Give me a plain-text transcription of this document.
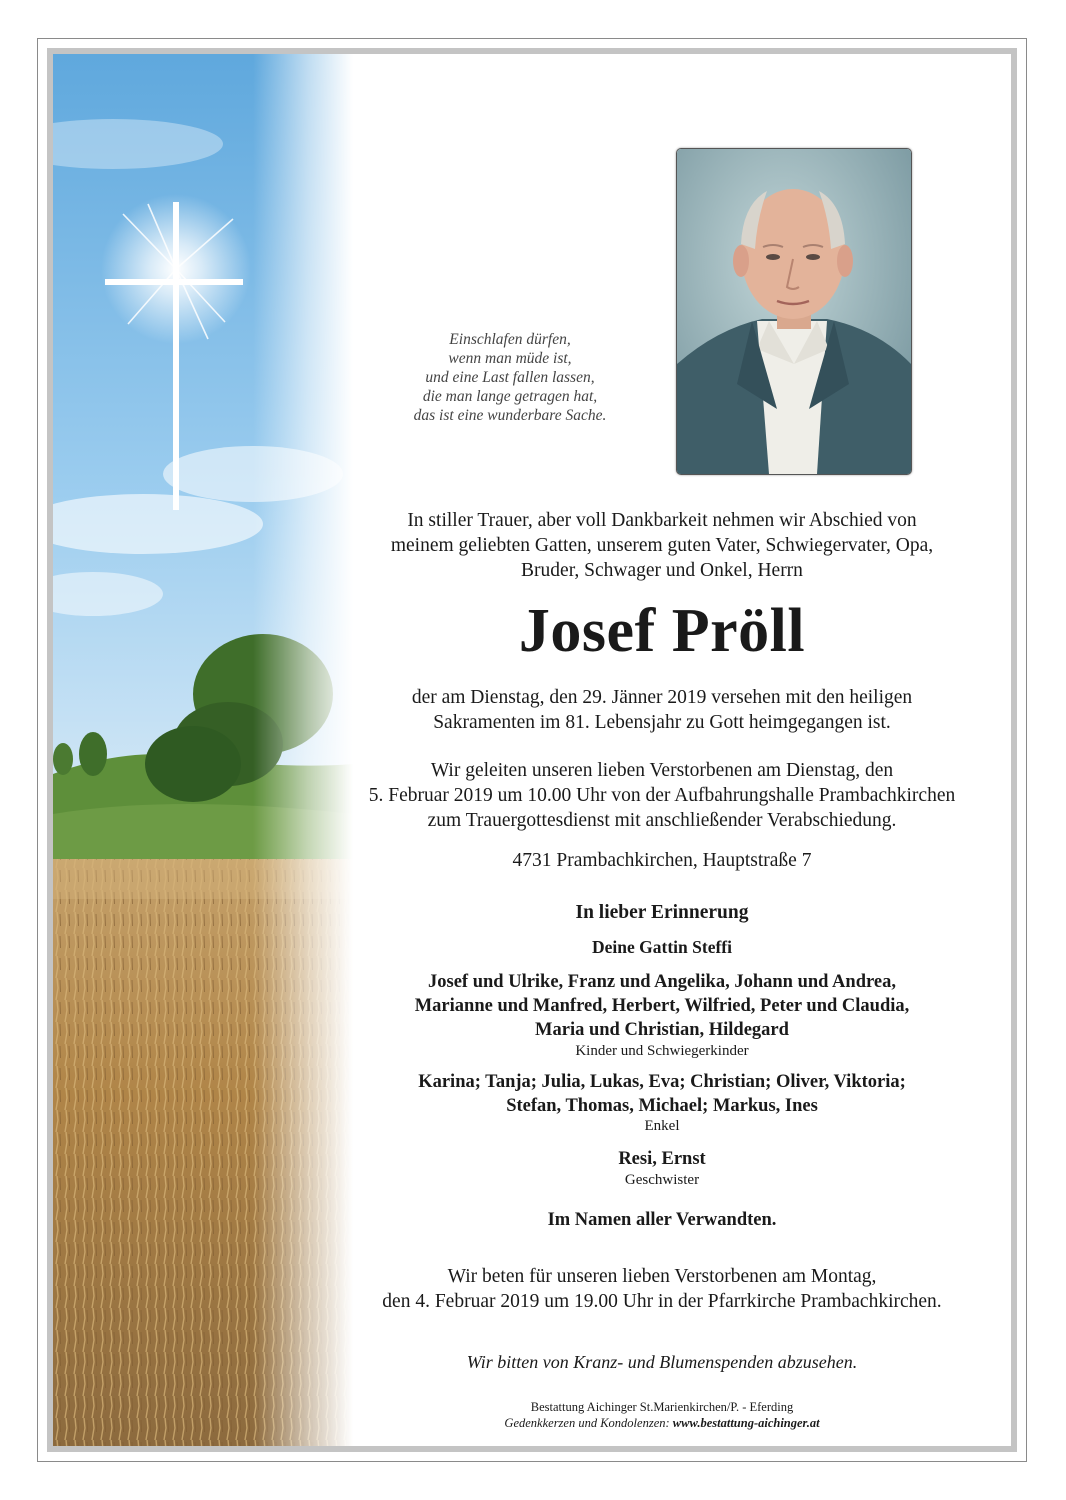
Einschlafen dürfen,
wenn man müde ist,
und eine Last fallen lassen,
die man lange getragen hat,
das ist eine wunderbare Sache.
In stiller Trauer, aber voll Dankbarkeit nehmen wir Abschied von
meinem geliebten Gatten, unserem guten Vater, Schwiegervater, Opa,
Bruder, Schwager und Onkel, Herrn
Josef Pröll
der am Dienstag, den 29. Jänner 2019 versehen mit den heiligen
Sakramenten im 81. Lebensjahr zu Gott heimgegangen ist.
Wir geleiten unseren lieben Verstorbenen am Dienstag, den
5. Februar 2019 um 10.00 Uhr von der Aufbahrungshalle Prambachkirchen
zum Trauergottesdienst mit anschließender Verabschiedung.
4731 Prambachkirchen, Hauptstraße 7
In lieber Erinnerung
Deine Gattin Steffi
Josef und Ulrike, Franz und Angelika, Johann und Andrea,
Marianne und Manfred, Herbert, Wilfried, Peter und Claudia,
Maria und Christian, Hildegard
Kinder und Schwiegerkinder
Karina; Tanja; Julia, Lukas, Eva; Christian; Oliver, Viktoria;
Stefan, Thomas, Michael; Markus, Ines
Enkel
Resi, Ernst
Geschwister
Im Namen aller Verwandten.
Wir beten für unseren lieben Verstorbenen am Montag,
den 4. Februar 2019 um 19.00 Uhr in der Pfarrkirche Prambachkirchen.
Wir bitten von Kranz- und Blumenspenden abzusehen.
Bestattung Aichinger St.Marienkirchen/P. - Eferding
Gedenkkerzen und Kondolenzen: www.bestattung-aichinger.at
